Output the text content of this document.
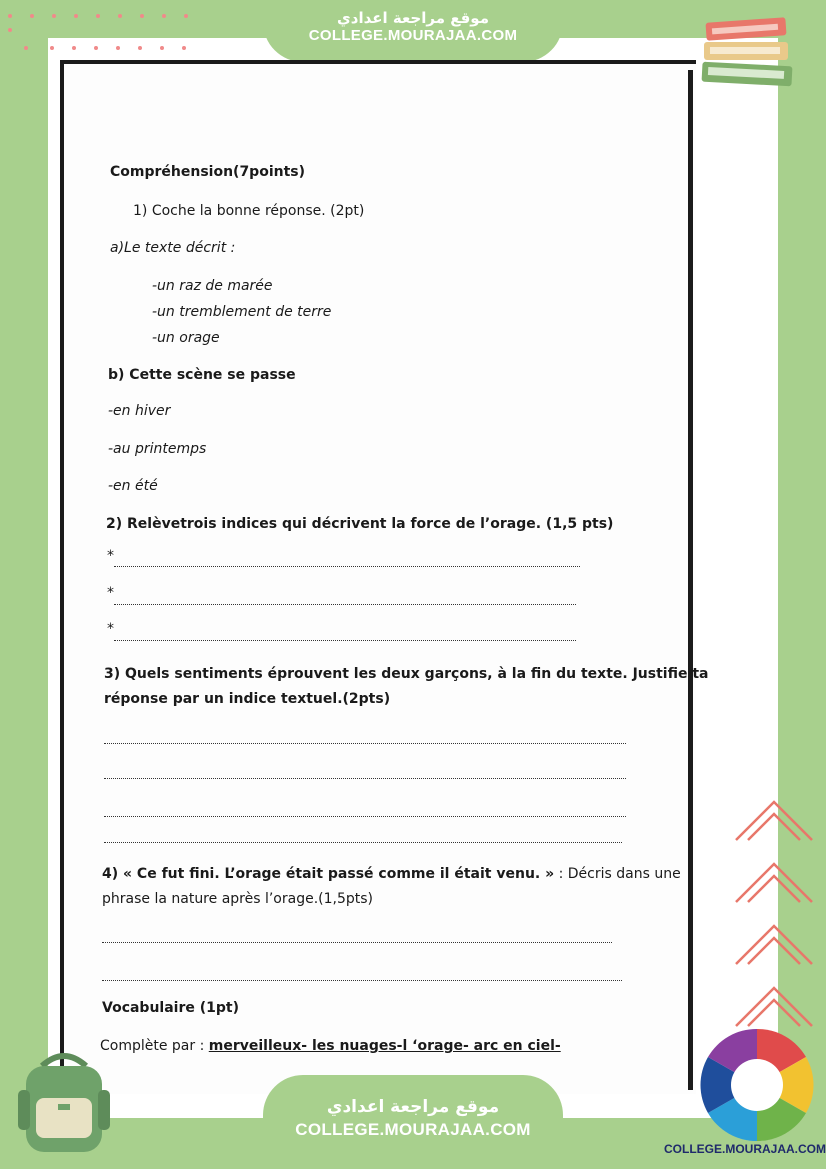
موقع مراجعة اعدادي
COLLEGE.MOURAJAA.COM
Compréhension(7points)
1) Coche la bonne réponse. (2pt)
a)Le texte décrit :
-un raz de marée
-un tremblement de terre
-un orage
b) Cette scène se passe
-en hiver
-au printemps
-en été
2) Relèvetrois indices qui décrivent la force de l’orage. (1,5 pts)
*
*
*
3) Quels sentiments éprouvent les deux garçons, à la fin du texte. Justifie ta
réponse par un indice textuel.(2pts)
4) « Ce fut fini. L’orage était passé comme il était venu. » : Décris dans une
phrase la nature après l’orage.(1,5pts)
Vocabulaire (1pt)
Complète par : merveilleux- les nuages-l ‘orage- arc en ciel-
موقع مراجعة اعدادي
COLLEGE.MOURAJAA.COM
COLLEGE.MOURAJAA.COM
